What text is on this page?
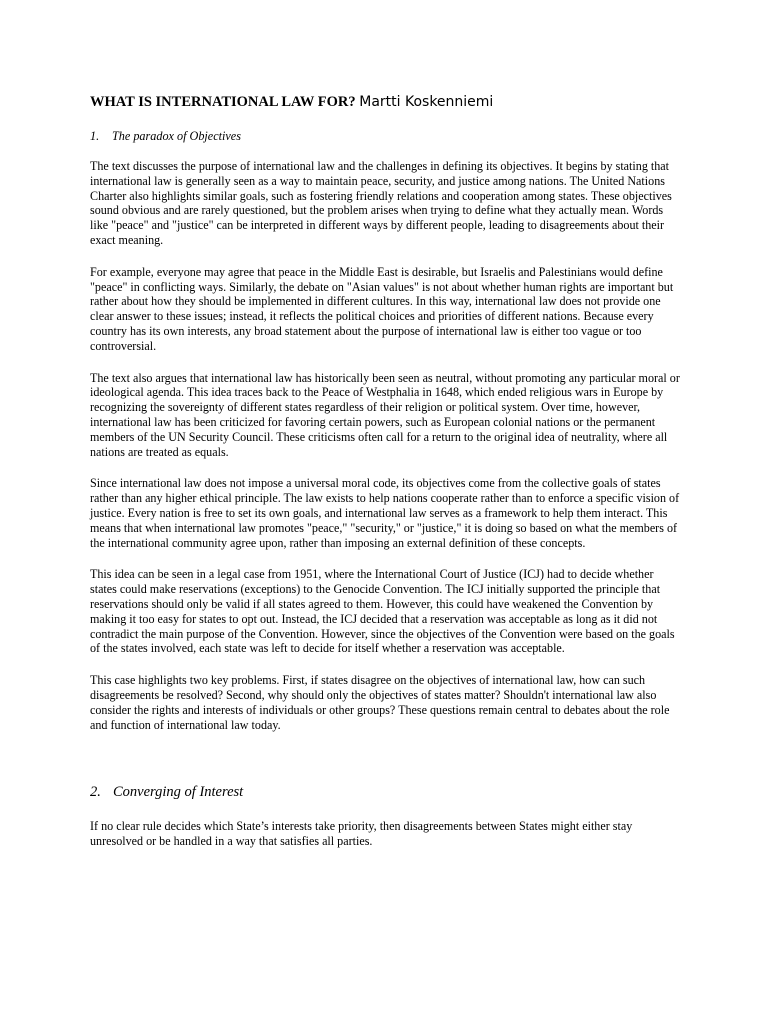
WHAT IS INTERNATIONAL LAW FOR? Martti Koskenniemi
1. The paradox of Objectives

The text discusses the purpose of international law and the challenges in defining its objectives. It begins by stating that international law is generally seen as a way to maintain peace, security, and justice among nations. The United Nations Charter also highlights similar goals, such as fostering friendly relations and cooperation among states. These objectives sound obvious and are rarely questioned, but the problem arises when trying to define what they actually mean. Words like "peace" and "justice" can be interpreted in different ways by different people, leading to disagreements about their exact meaning.

For example, everyone may agree that peace in the Middle East is desirable, but Israelis and Palestinians would define "peace" in conflicting ways. Similarly, the debate on "Asian values" is not about whether human rights are important but rather about how they should be implemented in different cultures. In this way, international law does not provide one clear answer to these issues; instead, it reflects the political choices and priorities of different nations. Because every country has its own interests, any broad statement about the purpose of international law is either too vague or too controversial.

The text also argues that international law has historically been seen as neutral, without promoting any particular moral or ideological agenda. This idea traces back to the Peace of Westphalia in 1648, which ended religious wars in Europe by recognizing the sovereignty of different states regardless of their religion or political system. Over time, however, international law has been criticized for favoring certain powers, such as European colonial nations or the permanent members of the UN Security Council. These criticisms often call for a return to the original idea of neutrality, where all nations are treated as equals.

Since international law does not impose a universal moral code, its objectives come from the collective goals of states rather than any higher ethical principle. The law exists to help nations cooperate rather than to enforce a specific vision of justice. Every nation is free to set its own goals, and international law serves as a framework to help them interact. This means that when international law promotes "peace," "security," or "justice," it is doing so based on what the members of the international community agree upon, rather than imposing an external definition of these concepts.

This idea can be seen in a legal case from 1951, where the International Court of Justice (ICJ) had to decide whether states could make reservations (exceptions) to the Genocide Convention. The ICJ initially supported the principle that reservations should only be valid if all states agreed to them. However, this could have weakened the Convention by making it too easy for states to opt out. Instead, the ICJ decided that a reservation was acceptable as long as it did not contradict the main purpose of the Convention. However, since the objectives of the Convention were based on the goals of the states involved, each state was left to decide for itself whether a reservation was acceptable.

This case highlights two key problems. First, if states disagree on the objectives of international law, how can such disagreements be resolved? Second, why should only the objectives of states matter? Shouldn't international law also consider the rights and interests of individuals or other groups? These questions remain central to debates about the role and function of international law today.

2. Converging of Interest

If no clear rule decides which State’s interests take priority, then disagreements between States might either stay unresolved or be handled in a way that satisfies all parties.
